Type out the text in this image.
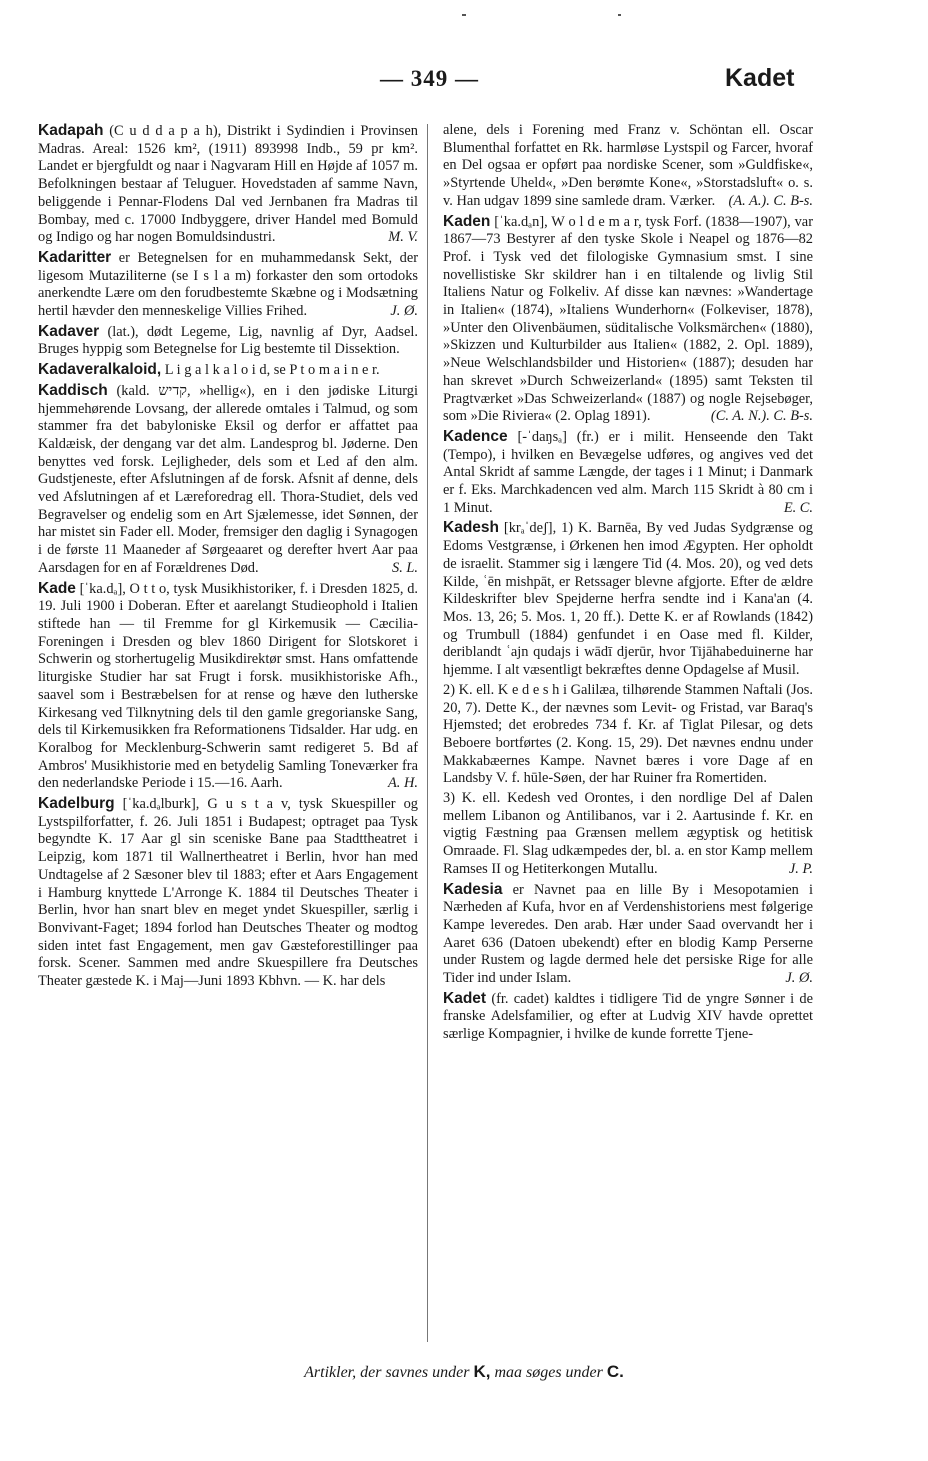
— 349 —	Kadet

Kadapah (C u d d a p a h), Distrikt i Sydindien i Provinsen Madras. Areal: 1526 km², (1911) 893998 Indb., 59 pr km². Landet er bjergfuldt og naar i Nagvaram Hill en Højde af 1057 m. Befolkningen bestaar af Teluguer. Hovedstaden af samme Navn, beliggende i Pennar-Flodens Dal ved Jernbanen fra Madras til Bombay, med c. 17000 Indbyggere, driver Handel med Bomuld og Indigo og har nogen Bomuldsindustri.	M. V.

Kadaritter er Betegnelsen for en muhammedansk Sekt, der ligesom Mutaziliterne (se I s l a m) forkaster den som ortodoks anerkendte Lære om den forudbestemte Skæbne og i Modsætning hertil hævder den menneskelige Villies Frihed.	J. Ø.

Kadaver (lat.), dødt Legeme, Lig, navnlig af Dyr, Aadsel. Bruges hyppig som Betegnelse for Lig bestemte til Dissektion.

Kadaveralkaloid, L i g a l k a l o i d, se P t o m a i n e r.

Kaddisch (kald. קדיש, »hellig«), en i den jødiske Liturgi hjemmehørende Lovsang, der allerede omtales i Talmud, og som stammer fra det babyloniske Eksil og derfor er affattet paa Kaldæisk, der dengang var det alm. Landesprog bl. Jøderne. Den benyttes ved forsk. Lejligheder, dels som et Led af den alm. Gudstjeneste, efter Afslutningen af de forsk. Afsnit af denne, dels ved Afslutningen af et Læreforedrag ell. Thora-Studiet, dels ved Begravelser og endelig som en Art Sjælemesse, idet Sønnen, der har mistet sin Fader ell. Moder, fremsiger den daglig i Synagogen i de første 11 Maaneder af Sørgeaaret og derefter hvert Aar paa Aarsdagen for en af Forældrenes Død.	S. L.

Kade [ˈka.dₐ], O t t o, tysk Musikhistoriker, f. i Dresden 1825, d. 19. Juli 1900 i Doberan. Efter et aarelangt Studieophold i Italien stiftede han — til Fremme for gl Kirkemusik — Cæcilia-Foreningen i Dresden og blev 1860 Dirigent for Slotskoret i Schwerin og storhertugelig Musikdirektør smst. Hans omfattende liturgiske Studier har sat Frugt i forsk. musikhistoriske Afh., saavel som i Bestræbelsen for at rense og hæve den lutherske Kirkesang ved Tilknytning dels til den gamle gregorianske Sang, dels til Kirkemusikken fra Reformationens Tidsalder. Har udg. en Koralbog for Mecklenburg-Schwerin samt redigeret 5. Bd af Ambros' Musikhistorie med en betydelig Samling Toneværker fra den nederlandske Periode i 15.—16. Aarh.	A. H.

Kadelburg [ˈka.dₐlburk], G u s t a v, tysk Skuespiller og Lystspilforfatter, f. 26. Juli 1851 i Budapest; optraget paa Tysk begyndte K. 17 Aar gl sin sceniske Bane paa Stadttheatret i Leipzig, kom 1871 til Wallnertheatret i Berlin, hvor han med Undtagelse af 2 Sæsoner blev til 1883; efter et Aars Engagement i Hamburg knyttede L'Arronge K. 1884 til Deutsches Theater i Berlin, hvor han snart blev en meget yndet Skuespiller, særlig i Bonvivant-Faget; 1894 forlod han Deutsches Theater og modtog siden intet fast Engagement, men gav Gæsteforestillinger paa forsk. Scener. Sammen med andre Skuespillere fra Deutsches Theater gæstede K. i Maj—Juni 1893 Kbhvn. — K. har dels

alene, dels i Forening med Franz v. Schöntan ell. Oscar Blumenthal forfattet en Rk. harmløse Lystspil og Farcer, hvoraf en Del ogsaa er opført paa nordiske Scener, som »Guldfiske«, »Styrtende Uheld«, »Den berømte Kone«, »Storstadsluft« o. s. v. Han udgav 1899 sine samlede dram. Værker. (A. A.). C. B-s.

Kaden [ˈka.dₐn], W o l d e m a r, tysk Forf. (1838—1907), var 1867—73 Bestyrer af den tyske Skole i Neapel og 1876—82 Prof. i Tysk ved det filologiske Gymnasium smst. I sine novellistiske Skr skildrer han i en tiltalende og livlig Stil Italiens Natur og Folkeliv. Af disse kan nævnes: »Wandertage in Italien« (1874), »Italiens Wunderhorn« (Folkeviser, 1878), »Unter den Olivenbäumen, süditalische Volksmärchen« (1880), »Skizzen und Kulturbilder aus Italien« (1882, 2. Opl. 1889), »Neue Welschlandsbilder und Historien« (1887); desuden har han skrevet »Durch Schweizerland« (1895) samt Teksten til Pragtværket »Das Schweizerland« (1887) og nogle Rejsebøger, som »Die Riviera« (2. Oplag 1891).	(C. A. N.). C. B-s.

Kadence [-ˈdaŋsₐ] (fr.) er i milit. Henseende den Takt (Tempo), i hvilken en Bevægelse udføres, og angives ved det Antal Skridt af samme Længde, der tages i 1 Minut; i Danmark er f. Eks. Marchkadencen ved alm. March 115 Skridt à 80 cm i 1 Minut.	E. C.

Kadesh [krₐˈdeʃ], 1) K. Barnēa, By ved Judas Sydgrænse og Edoms Vestgrænse, i Ørkenen hen imod Ægypten. Her opholdt de israelit. Stammer sig i længere Tid (4. Mos. 20), og ved dets Kilde, ʿēn mishpāt, er Retssager blevne afgjorte. Efter de ældre Kildeskrifter blev Spejderne herfra sendte ind i Kana'an (4. Mos. 13, 26; 5. Mos. 1, 20 ff.). Dette K. er af Rowlands (1842) og Trumbull (1884) genfundet i en Oase med fl. Kilder, deriblandt ʿajn qudajs i wādī djerūr, hvor Tijāhabeduinerne har hjemme. I alt væsentligt bekræftes denne Opdagelse af Musil.

2) K. ell. K e d e s h i Galilæa, tilhørende Stammen Naftali (Jos. 20, 7). Dette K., der nævnes som Levit- og Fristad, var Baraq's Hjemsted; det erobredes 734 f. Kr. af Tiglat Pilesar, og dets Beboere bortførtes (2. Kong. 15, 29). Det nævnes endnu under Makkabæernes Kampe. Navnet bæres i vore Dage af en Landsby V. f. hūle-Søen, der har Ruiner fra Romertiden.

3) K. ell. Kedesh ved Orontes, i den nordlige Del af Dalen mellem Libanon og Antilibanos, var i 2. Aartusinde f. Kr. en vigtig Fæstning paa Grænsen mellem ægyptisk og hetitisk Omraade. Fl. Slag udkæmpedes der, bl. a. en stor Kamp mellem Ramses II og Hetiterkongen Mutallu.	J. P.

Kadesia er Navnet paa en lille By i Mesopotamien i Nærheden af Kufa, hvor en af Verdenshistoriens mest følgerige Kampe leveredes. Den arab. Hær under Saad overvandt her i Aaret 636 (Datoen ubekendt) efter en blodig Kamp Perserne under Rustem og lagde dermed hele det persiske Rige for alle Tider ind under Islam.	J. Ø.

Kadet (fr. cadet) kaldtes i tidligere Tid de yngre Sønner i de franske Adelsfamilier, og efter at Ludvig XIV havde oprettet særlige Kompagnier, i hvilke de kunde forrette Tjene-

Artikler, der savnes under K, maa søges under C.
